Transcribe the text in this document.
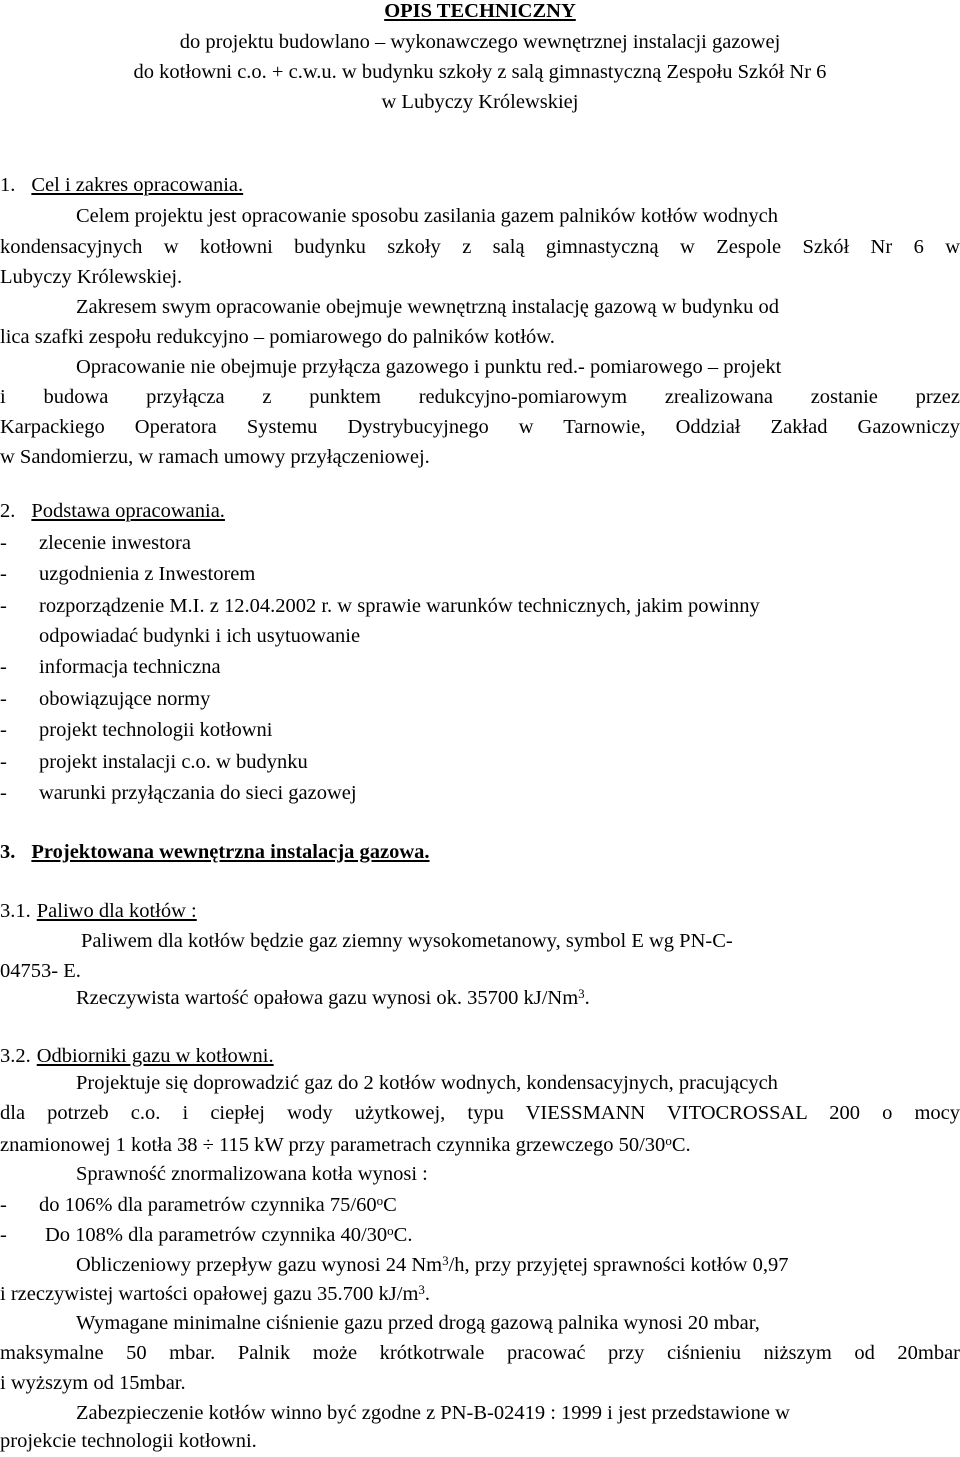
OPIS TECHNICZNY
do projektu budowlano – wykonawczego wewnętrznej instalacji gazowej
do kotłowni c.o. + c.w.u. w budynku szkoły z salą gimnastyczną Zespołu Szkół Nr 6
w Lubyczy Królewskiej
1. Cel i zakres opracowania.
Celem projektu jest opracowanie sposobu zasilania gazem palników kotłów wodnych
kondensacyjnych w kotłowni budynku szkoły z salą gimnastyczną w Zespole Szkół Nr 6 w
Lubyczy Królewskiej.
Zakresem swym opracowanie obejmuje wewnętrzną instalację gazową w budynku od
lica szafki zespołu redukcyjno – pomiarowego do palników kotłów.
Opracowanie nie obejmuje przyłącza gazowego i punktu red.- pomiarowego – projekt
i budowa przyłącza z punktem redukcyjno-pomiarowym zrealizowana zostanie przez
Karpackiego Operatora Systemu Dystrybucyjnego w Tarnowie, Oddział Zakład Gazowniczy
w Sandomierzu, w ramach umowy przyłączeniowej.
2. Podstawa opracowania.
- zlecenie inwestora
- uzgodnienia z Inwestorem
- rozporządzenie M.I. z 12.04.2002 r. w sprawie warunków technicznych, jakim powinny
odpowiadać budynki i ich usytuowanie
- informacja techniczna
- obowiązujące normy
- projekt technologii kotłowni
- projekt instalacji c.o. w budynku
- warunki przyłączania do sieci gazowej
3. Projektowana wewnętrzna instalacja gazowa.
3.1. Paliwo dla kotłów :
Paliwem dla kotłów będzie gaz ziemny wysokometanowy, symbol E wg PN-C-
04753- E.
Rzeczywista wartość opałowa gazu wynosi ok. 35700 kJ/Nm$^3$.
3.2. Odbiorniki gazu w kotłowni.
Projektuje się doprowadzić gaz do 2 kotłów wodnych, kondensacyjnych, pracujących
dla potrzeb c.o. i ciepłej wody użytkowej, typu VIESSMANN VITOCROSSAL 200 o mocy
znamionowej 1 kotła 38 ÷ 115 kW przy parametrach czynnika grzewczego 50/30$^o$C.
Sprawność znormalizowana kotła wynosi :
- do 106% dla parametrów czynnika 75/60$^o$C
- Do 108% dla parametrów czynnika 40/30$^o$C.
Obliczeniowy przepływ gazu wynosi 24 Nm$^3$/h, przy przyjętej sprawności kotłów 0,97
i rzeczywistej wartości opałowej gazu 35.700 $kJ/m^3$.
Wymagane minimalne ciśnienie gazu przed drogą gazową palnika wynosi 20 mbar,
maksymalne 50 mbar. Palnik może krótkotrwale pracować przy ciśnieniu niższym od 20mbar
i wyższym od 15mbar.
Zabezpieczenie kotłów winno być zgodne z PN-B-02419 : 1999 i jest przedstawione w
projekcie technologii kotłowni.
